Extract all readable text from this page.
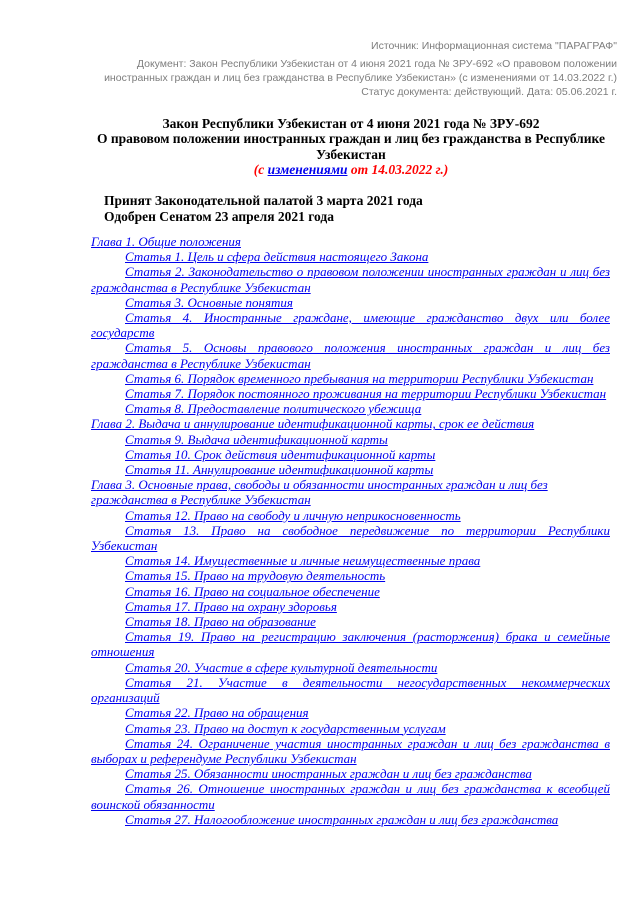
Источник: Информационная система "ПАРАГРАФ"

Документ: Закон Республики Узбекистан от 4 июня 2021 года № ЗРУ-692 «О правовом положении иностранных граждан и лиц без гражданства в Республике Узбекистан» (с изменениями от 14.03.2022 г.)

Статус документа: действующий. Дата: 05.06.2021 г.

Закон Республики Узбекистан от 4 июня 2021 года № ЗРУ-692

О правовом положении иностранных граждан и лиц без гражданства в Республике Узбекистан

(с изменениями от 14.03.2022 г.)

Принят Законодательной палатой 3 марта 2021 года

Одобрен Сенатом 23 апреля 2021 года

Глава 1. Общие положения

Статья 1. Цель и сфера действия настоящего Закона

Статья 2. Законодательство о правовом положении иностранных граждан и лиц без гражданства в Республике Узбекистан

Статья 3. Основные понятия

Статья 4. Иностранные граждане, имеющие гражданство двух или более государств

Статья 5. Основы правового положения иностранных граждан и лиц без гражданства в Республике Узбекистан

Статья 6. Порядок временного пребывания на территории Республики Узбекистан

Статья 7. Порядок постоянного проживания на территории Республики Узбекистан

Статья 8. Предоставление политического убежища

Глава 2. Выдача и аннулирование идентификационной карты, срок ее действия

Статья 9. Выдача идентификационной карты

Статья 10. Срок действия идентификационной карты

Статья 11. Аннулирование идентификационной карты

Глава 3. Основные права, свободы и обязанности иностранных граждан и лиц без гражданства в Республике Узбекистан

Статья 12. Право на свободу и личную неприкосновенность

Статья 13. Право на свободное передвижение по территории Республики Узбекистан

Статья 14. Имущественные и личные неимущественные права

Статья 15. Право на трудовую деятельность

Статья 16. Право на социальное обеспечение

Статья 17. Право на охрану здоровья

Статья 18. Право на образование

Статья 19. Право на регистрацию заключения (расторжения) брака и семейные отношения

Статья 20. Участие в сфере культурной деятельности

Статья 21. Участие в деятельности негосударственных некоммерческих организаций

Статья 22. Право на обращения

Статья 23. Право на доступ к государственным услугам

Статья 24. Ограничение участия иностранных граждан и лиц без гражданства в выборах и референдуме Республики Узбекистан

Статья 25. Обязанности иностранных граждан и лиц без гражданства

Статья 26. Отношение иностранных граждан и лиц без гражданства к всеобщей воинской обязанности

Статья 27. Налогообложение иностранных граждан и лиц без гражданства
